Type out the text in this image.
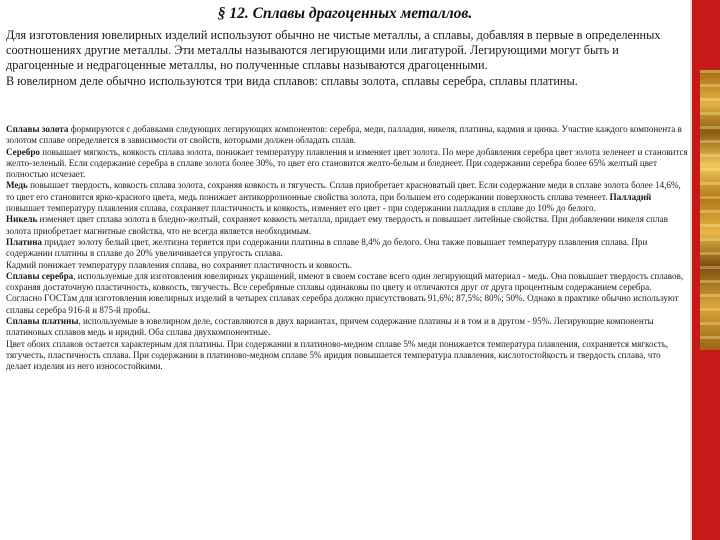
§ 12. Сплавы драгоценных металлов.

Для изготовления ювелирных изделий используют обычно не чистые металлы, а сплавы, добавляя в первые в определенных соотношениях другие металлы. Эти металлы называются легирующими или лигатурой. Легирующими могут быть и драгоценные и недрагоценные металлы, но полученные сплавы называются драгоценными.

В ювелирном деле обычно используются три вида сплавов: сплавы золота, сплавы серебра, сплавы платины.

Сплавы золота формируются с добавками следующих легирующих компонентов: серебра, меди, палладия, никеля, платины, кадмия и цинка. Участие каждого компонента в золотом сплаве определяется в зависимости от свойств, которыми должен обладать сплав.

Серебро повышает мягкость, ковкость сплава золота, понижает температуру плавления и изменяет цвет золота. По мере добавления серебра цвет золота зеленеет и становится желто-зеленый. Если содержание серебра в сплаве золота более 30%, то цвет его становится желто-белым и бледнеет. При содержании серебра более 65% желтый цвет полностью исчезает.

Медь повышает твердость, ковкость сплава золота, сохраняя ковкость и тягучесть. Сплав приобретает красноватый цвет. Если содержание меди в сплаве золота более 14,6%, то цвет его становится ярко-красного цвета, медь понижает антикоррозионные свойства золота, при большем его содержании поверхность сплава темнеет. Палладий повышает температуру плавления сплава, сохраняет пластичность и ковкость, изменяет его цвет - при содержании палладия в сплаве до 10% до белого.

Никель изменяет цвет сплава золота в бледно-желтый, сохраняет ковкость металла, придает ему твердость и повышает литейные свойства. При добавлении никеля сплав золота приобретает магнитные свойства, что не всегда является необходимым.

Платина придает золоту белый цвет, желтизна теряется при содержании платины в сплаве 8,4% до белого. Она также повышает температуру плавления сплава. При содержании платины в сплаве до 20% увеличивается упругость сплава.

Кадмий понижает температуру плавления сплава, но сохраняет пластичность и ковкость.

Сплавы серебра, используемые для изготовления ювелирных украшений, имеют в своем составе всего один легирующий материал - медь. Она повышает твердость сплавов, сохраняя достаточную пластичность, ковкость, тягучесть. Все серебряные сплавы одинаковы по цвету и отличаются друг от друга процентным содержанием серебра. Согласно ГОСТам для изготовления ювелирных изделий в четырех сплавах серебра должно присутствовать 91,6%; 87,5%; 80%; 50%. Однако в практике обычно используют сплавы серебра 916-й и 875-й пробы.

Сплавы платины, используемые в ювелирном деле, составляются в двух вариантах, причем содержание платины и в том и в другом - 95%. Легирующие компоненты платиновых сплавов медь и иридий. Оба сплава двухкомпонентные.

Цвет обоих сплавов остается характерным для платины. При содержании в платиново-медном сплаве 5% меди понижается температура плавления, сохраняется мягкость, тягучесть, пластичность сплава. При содержании в платиново-медном сплаве 5% иридия повышается температура плавления, кислотостойкость и твердость сплава, что делает изделия из него износостойкими.
